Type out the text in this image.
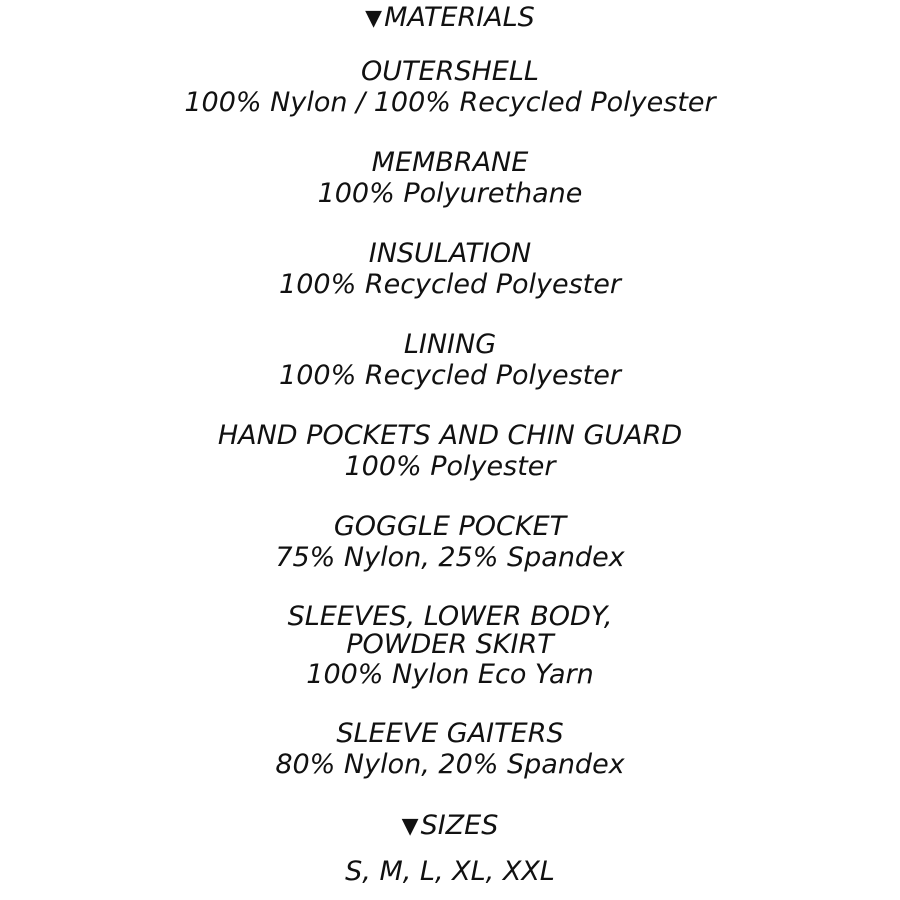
▼MATERIALS
OUTERSHELL
100% Nylon / 100% Recycled Polyester
MEMBRANE
100% Polyurethane
INSULATION
100% Recycled Polyester
LINING
100% Recycled Polyester
HAND POCKETS AND CHIN GUARD
100% Polyester
GOGGLE POCKET
75% Nylon, 25% Spandex
SLEEVES, LOWER BODY, POWDER SKIRT
100% Nylon Eco Yarn
SLEEVE GAITERS
80% Nylon, 20% Spandex
▼SIZES
S, M, L, XL, XXL
